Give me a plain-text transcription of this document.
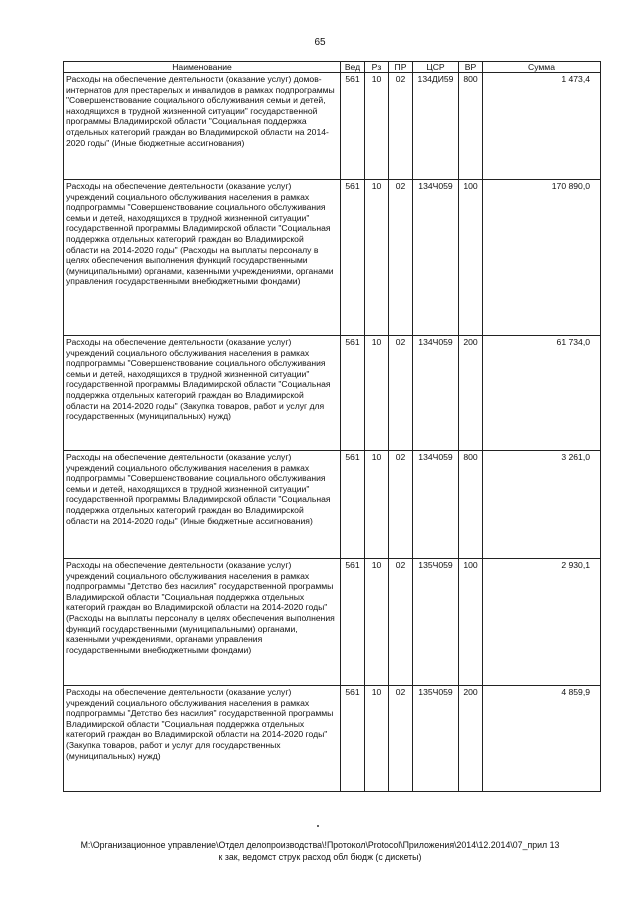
65
Наименование	Вед	Рз	ПР	ЦСР	ВР	Сумма
Расходы на обеспечение деятельности (оказание услуг) домов-интернатов для престарелых и инвалидов в рамках подпрограммы "Совершенствование социального обслуживания семьи и детей, находящихся в трудной жизненной ситуации" государственной программы Владимирской области "Социальная поддержка отдельных категорий граждан во Владимирской области на 2014-2020 годы" (Иные бюджетные ассигнования)	561	10	02	134ДИ59	800	1 473,4
Расходы на обеспечение деятельности (оказание услуг) учреждений социального обслуживания населения в рамках подпрограммы "Совершенствование социального обслуживания семьи и детей, находящихся в трудной жизненной ситуации" государственной программы Владимирской области "Социальная поддержка отдельных категорий граждан во Владимирской области на 2014-2020 годы" (Расходы на выплаты персоналу в целях обеспечения выполнения функций государственными (муниципальными) органами, казенными учреждениями, органами управления государственными внебюджетными фондами)	561	10	02	134Ч059	100	170 890,0
Расходы на обеспечение деятельности (оказание услуг) учреждений социального обслуживания населения в рамках подпрограммы "Совершенствование социального обслуживания семьи и детей, находящихся в трудной жизненной ситуации" государственной программы Владимирской области "Социальная поддержка отдельных категорий граждан во Владимирской области на 2014-2020 годы" (Закупка товаров, работ и услуг для государственных (муниципальных) нужд)	561	10	02	134Ч059	200	61 734,0
Расходы на обеспечение деятельности (оказание услуг) учреждений социального обслуживания населения в рамках подпрограммы "Совершенствование социального обслуживания семьи и детей, находящихся в трудной жизненной ситуации" государственной программы Владимирской области "Социальная поддержка отдельных категорий граждан во Владимирской области на 2014-2020 годы" (Иные бюджетные ассигнования)	561	10	02	134Ч059	800	3 261,0
Расходы на обеспечение деятельности (оказание услуг) учреждений социального обслуживания населения в рамках подпрограммы "Детство без насилия" государственной программы Владимирской области "Социальная поддержка отдельных категорий граждан во Владимирской области на 2014-2020 годы" (Расходы на выплаты персоналу в целях обеспечения выполнения функций государственными (муниципальными) органами, казенными учреждениями, органами управления государственными внебюджетными фондами)	561	10	02	135Ч059	100	2 930,1
Расходы на обеспечение деятельности (оказание услуг) учреждений социального обслуживания населения в рамках подпрограммы "Детство без насилия" государственной программы Владимирской области "Социальная поддержка отдельных категорий граждан во Владимирской области на 2014-2020 годы" (Закупка товаров, работ и услуг для государственных (муниципальных) нужд)	561	10	02	135Ч059	200	4 859,9
M:\Организационное управление\Отдел делопроизводства\!Протокол\Protocol\Приложения\2014\12.2014\07_прил 13
к зак, ведомст струк расход обл бюдж (с дискеты)
